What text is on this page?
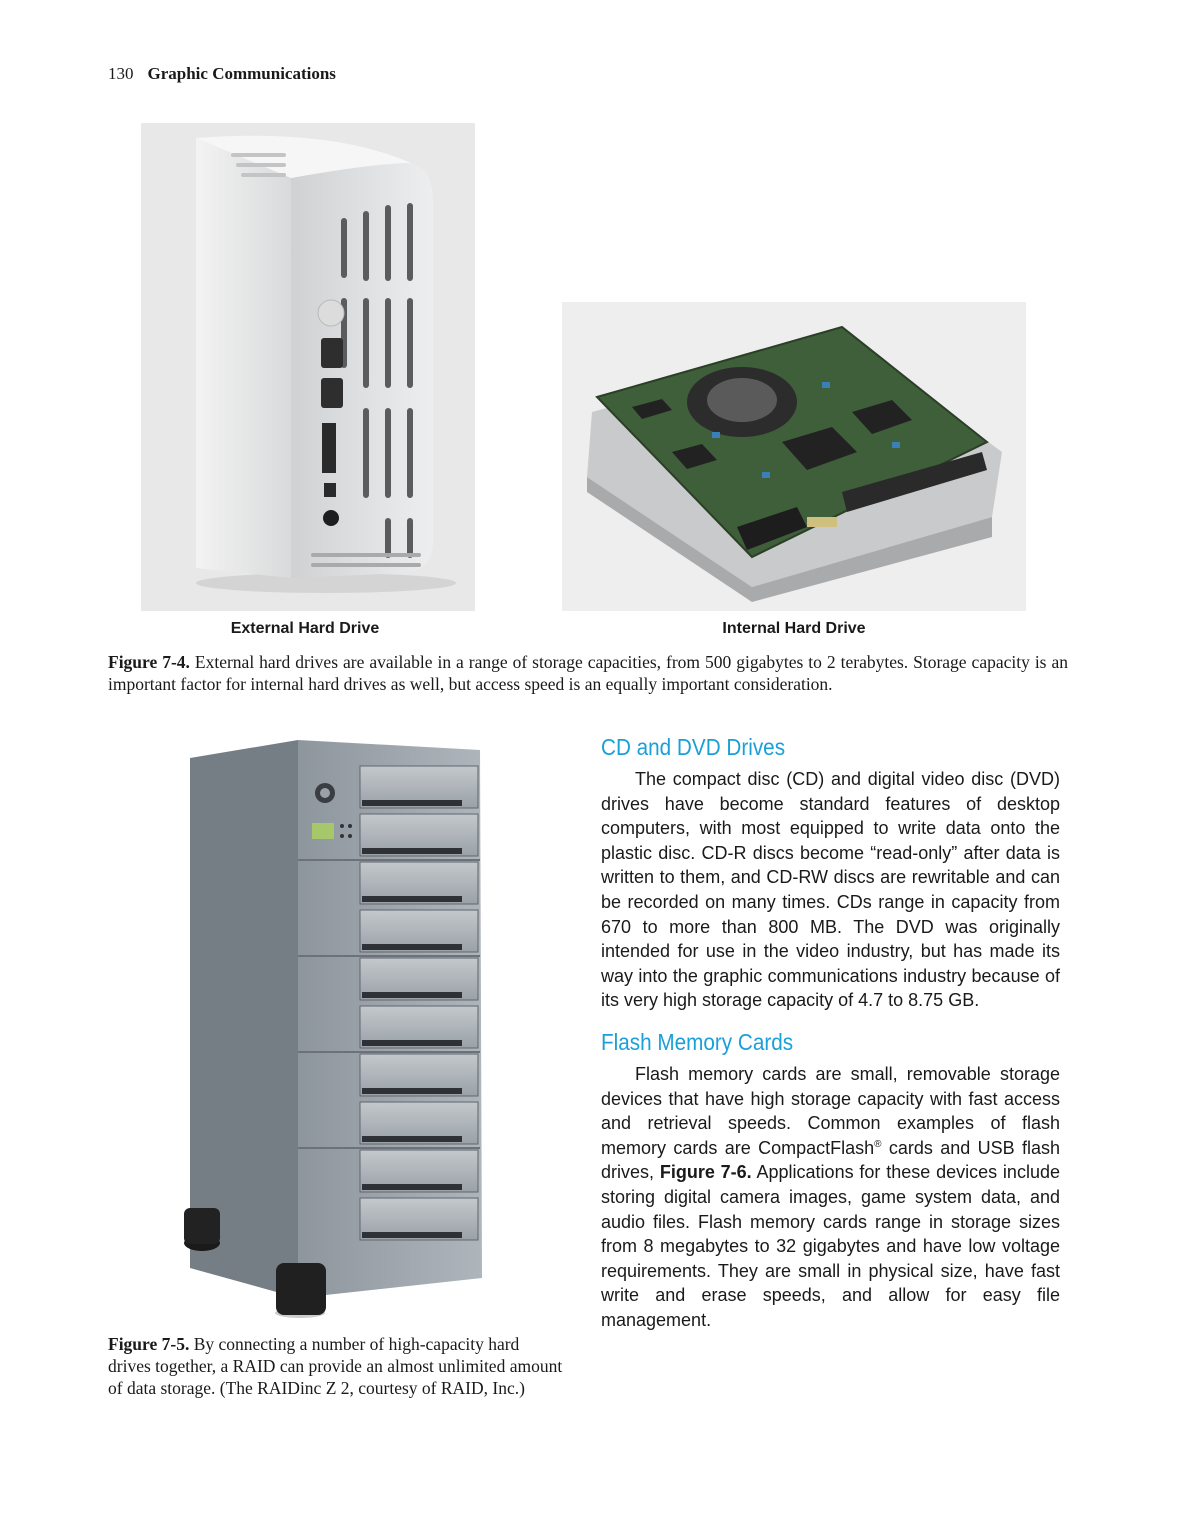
130 Graphic Communications
External Hard Drive	Internal Hard Drive
Figure 7-4. External hard drives are available in a range of storage capacities, from 500 gigabytes to 2 terabytes. Storage capacity is an important factor for internal hard drives as well, but access speed is an equally important consideration.
Figure 7-5. By connecting a number of high-capacity hard drives together, a RAID can provide an almost unlimited amount of data storage. (The RAIDinc Z 2, courtesy of RAID, Inc.)
CD and DVD Drives

The compact disc (CD) and digital video disc (DVD) drives have become standard features of desktop computers, with most equipped to write data onto the plastic disc. CD-R discs become “read-only” after data is written to them, and CD-RW discs are rewritable and can be recorded on many times. CDs range in capacity from 670 to more than 800 MB. The DVD was originally intended for use in the video industry, but has made its way into the graphic communications industry because of its very high storage capacity of 4.7 to 8.75 GB.

Flash Memory Cards

Flash memory cards are small, removable storage devices that have high storage capacity with fast access and retrieval speeds. Common examples of flash memory cards are CompactFlash® cards and USB flash drives, Figure 7-6. Applications for these devices include storing digital camera images, game system data, and audio files. Flash memory cards range in storage sizes from 8 megabytes to 32 gigabytes and have low voltage requirements. They are small in physical size, have fast write and erase speeds, and allow for easy file management.
